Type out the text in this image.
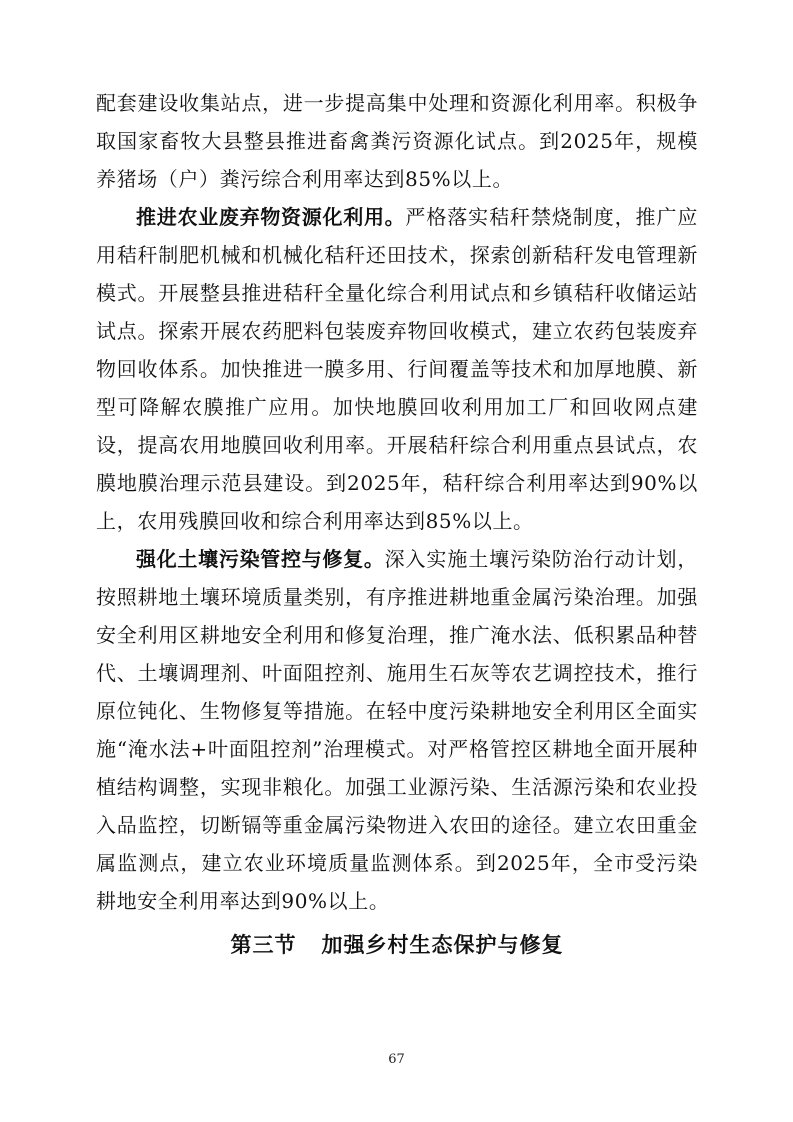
配套建设收集站点，进一步提高集中处理和资源化利用率。积极争取国家畜牧大县整县推进畜禽粪污资源化试点。到2025年，规模养猪场（户）粪污综合利用率达到85%以上。

推进农业废弃物资源化利用。严格落实秸秆禁烧制度，推广应用秸秆制肥机械和机械化秸秆还田技术，探索创新秸秆发电管理新模式。开展整县推进秸秆全量化综合利用试点和乡镇秸秆收储运站试点。探索开展农药肥料包装废弃物回收模式，建立农药包装废弃物回收体系。加快推进一膜多用、行间覆盖等技术和加厚地膜、新型可降解农膜推广应用。加快地膜回收利用加工厂和回收网点建设，提高农用地膜回收利用率。开展秸秆综合利用重点县试点，农膜地膜治理示范县建设。到2025年，秸秆综合利用率达到90%以上，农用残膜回收和综合利用率达到85%以上。

强化土壤污染管控与修复。深入实施土壤污染防治行动计划，按照耕地土壤环境质量类别，有序推进耕地重金属污染治理。加强安全利用区耕地安全利用和修复治理，推广淹水法、低积累品种替代、土壤调理剂、叶面阻控剂、施用生石灰等农艺调控技术，推行原位钝化、生物修复等措施。在轻中度污染耕地安全利用区全面实施“淹水法+叶面阻控剂”治理模式。对严格管控区耕地全面开展种植结构调整，实现非粮化。加强工业源污染、生活源污染和农业投入品监控，切断镉等重金属污染物进入农田的途径。建立农田重金属监测点，建立农业环境质量监测体系。到2025年，全市受污染耕地安全利用率达到90%以上。

第三节   加强乡村生态保护与修复
67
